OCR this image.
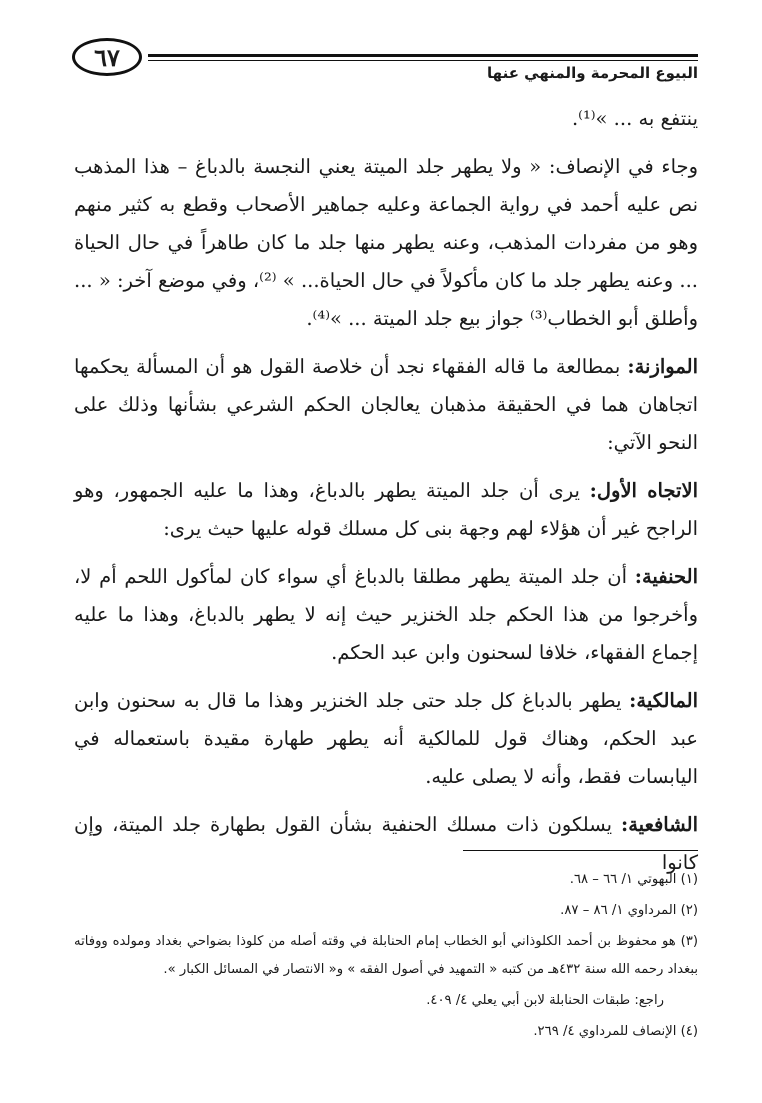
٦٧
البيوع المحرمة والمنهي عنها

ينتفع به ... »⁽¹⁾.

وجاء في الإنصاف: « ولا يطهر جلد الميتة يعني النجسة بالدباغ – هذا المذهب نص عليه أحمد في رواية الجماعة وعليه جماهير الأصحاب وقطع به كثير منهم وهو من مفردات المذهب، وعنه يطهر منها جلد ما كان طاهراً في حال الحياة ... وعنه يطهر جلد ما كان مأكولاً في حال الحياة... » ⁽²⁾، وفي موضع آخر: « ... وأطلق أبو الخطاب⁽³⁾ جواز بيع جلد الميتة ... »⁽⁴⁾.

الموازنة: بمطالعة ما قاله الفقهاء نجد أن خلاصة القول هو أن المسألة يحكمها اتجاهان هما في الحقيقة مذهبان يعالجان الحكم الشرعي بشأنها وذلك على النحو الآتي:

الاتجاه الأول: يرى أن جلد الميتة يطهر بالدباغ، وهذا ما عليه الجمهور، وهو الراجح غير أن هؤلاء لهم وجهة بنى كل مسلك قوله عليها حيث يرى:

الحنفية: أن جلد الميتة يطهر مطلقا بالدباغ أي سواء كان لمأكول اللحم أم لا، وأخرجوا من هذا الحكم جلد الخنزير حيث إنه لا يطهر بالدباغ، وهذا ما عليه إجماع الفقهاء، خلافا لسحنون وابن عبد الحكم.

المالكية: يطهر بالدباغ كل جلد حتى جلد الخنزير وهذا ما قال به سحنون وابن عبد الحكم، وهناك قول للمالكية أنه يطهر طهارة مقيدة باستعماله في اليابسات فقط، وأنه لا يصلى عليه.

الشافعية: يسلكون ذات مسلك الحنفية بشأن القول بطهارة جلد الميتة، وإن كانوا

(١) البهوتي ١/ ٦٦ – ٦٨.

(٢) المرداوي ١/ ٨٦ – ٨٧.

(٣) هو محفوظ بن أحمد الكلوذاني أبو الخطاب إمام الحنابلة في وقته أصله من كلوذا بضواحي بغداد ومولده ووفاته ببغداد رحمه الله سنة ٤٣٢هـ من كتبه « التمهيد في أصول الفقه » و« الانتصار في المسائل الكبار ».

راجع: طبقات الحنابلة لابن أبي يعلي ٤/ ٤٠٩.

(٤) الإنصاف للمرداوي ٤/ ٢٦٩.
